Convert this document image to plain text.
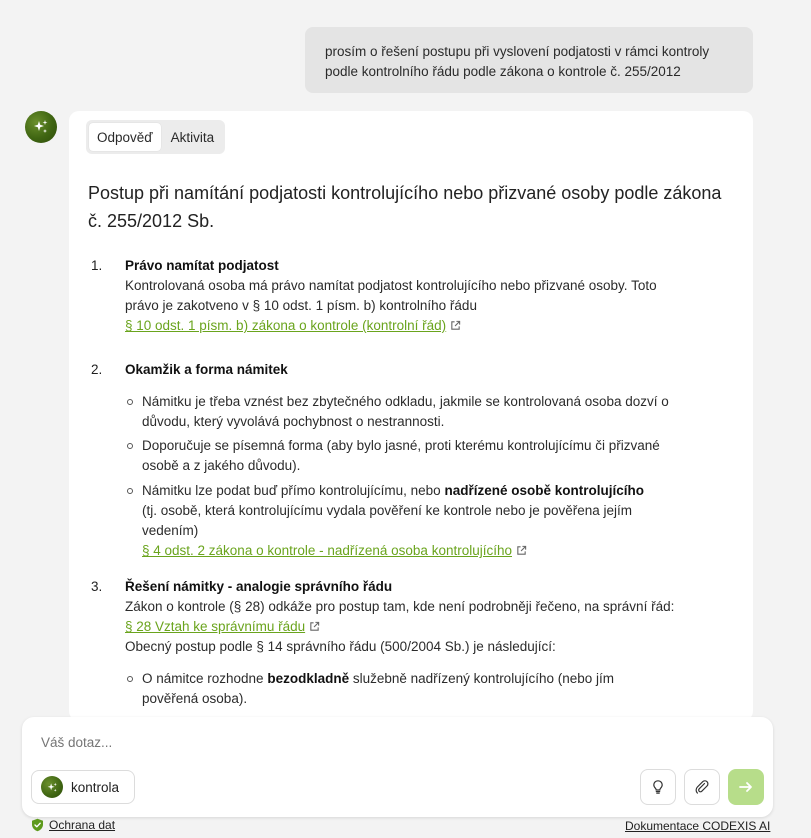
prosím o řešení postupu při vyslovení podjatosti v rámci kontroly
podle kontrolního řádu podle zákona o kontrole č. 255/2012
Odpověď	Aktivita
Postup při namítání podjatosti kontrolujícího nebo přizvané osoby podle zákona
č. 255/2012 Sb.
1. Právo namítat podjatost
Kontrolovaná osoba má právo namítat podjatost kontrolujícího nebo přizvané osoby. Toto
právo je zakotveno v § 10 odst. 1 písm. b) kontrolního řádu
§ 10 odst. 1 písm. b) zákona o kontrole (kontrolní řád)
2. Okamžik a forma námitek
Námitku je třeba vznést bez zbytečného odkladu, jakmile se kontrolovaná osoba dozví o
důvodu, který vyvolává pochybnost o nestrannosti.
Doporučuje se písemná forma (aby bylo jasné, proti kterému kontrolujícímu či přizvané
osobě a z jakého důvodu).
Námitku lze podat buď přímo kontrolujícímu, nebo nadřízené osobě kontrolujícího
(tj. osobě, která kontrolujícímu vydala pověření ke kontrole nebo je pověřena jejím
vedením)
§ 4 odst. 2 zákona o kontrole - nadřízená osoba kontrolujícího
3. Řešení námitky - analogie správního řádu
Zákon o kontrole (§ 28) odkáže pro postup tam, kde není podrobněji řečeno, na správní řád:
§ 28 Vztah ke správnímu řádu
Obecný postup podle § 14 správního řádu (500/2004 Sb.) je následující:
O námitce rozhodne bezodkladně služebně nadřízený kontrolujícího (nebo jím
pověřená osoba).
Váš dotaz...
kontrola
Ochrana dat	Dokumentace CODEXIS AI
